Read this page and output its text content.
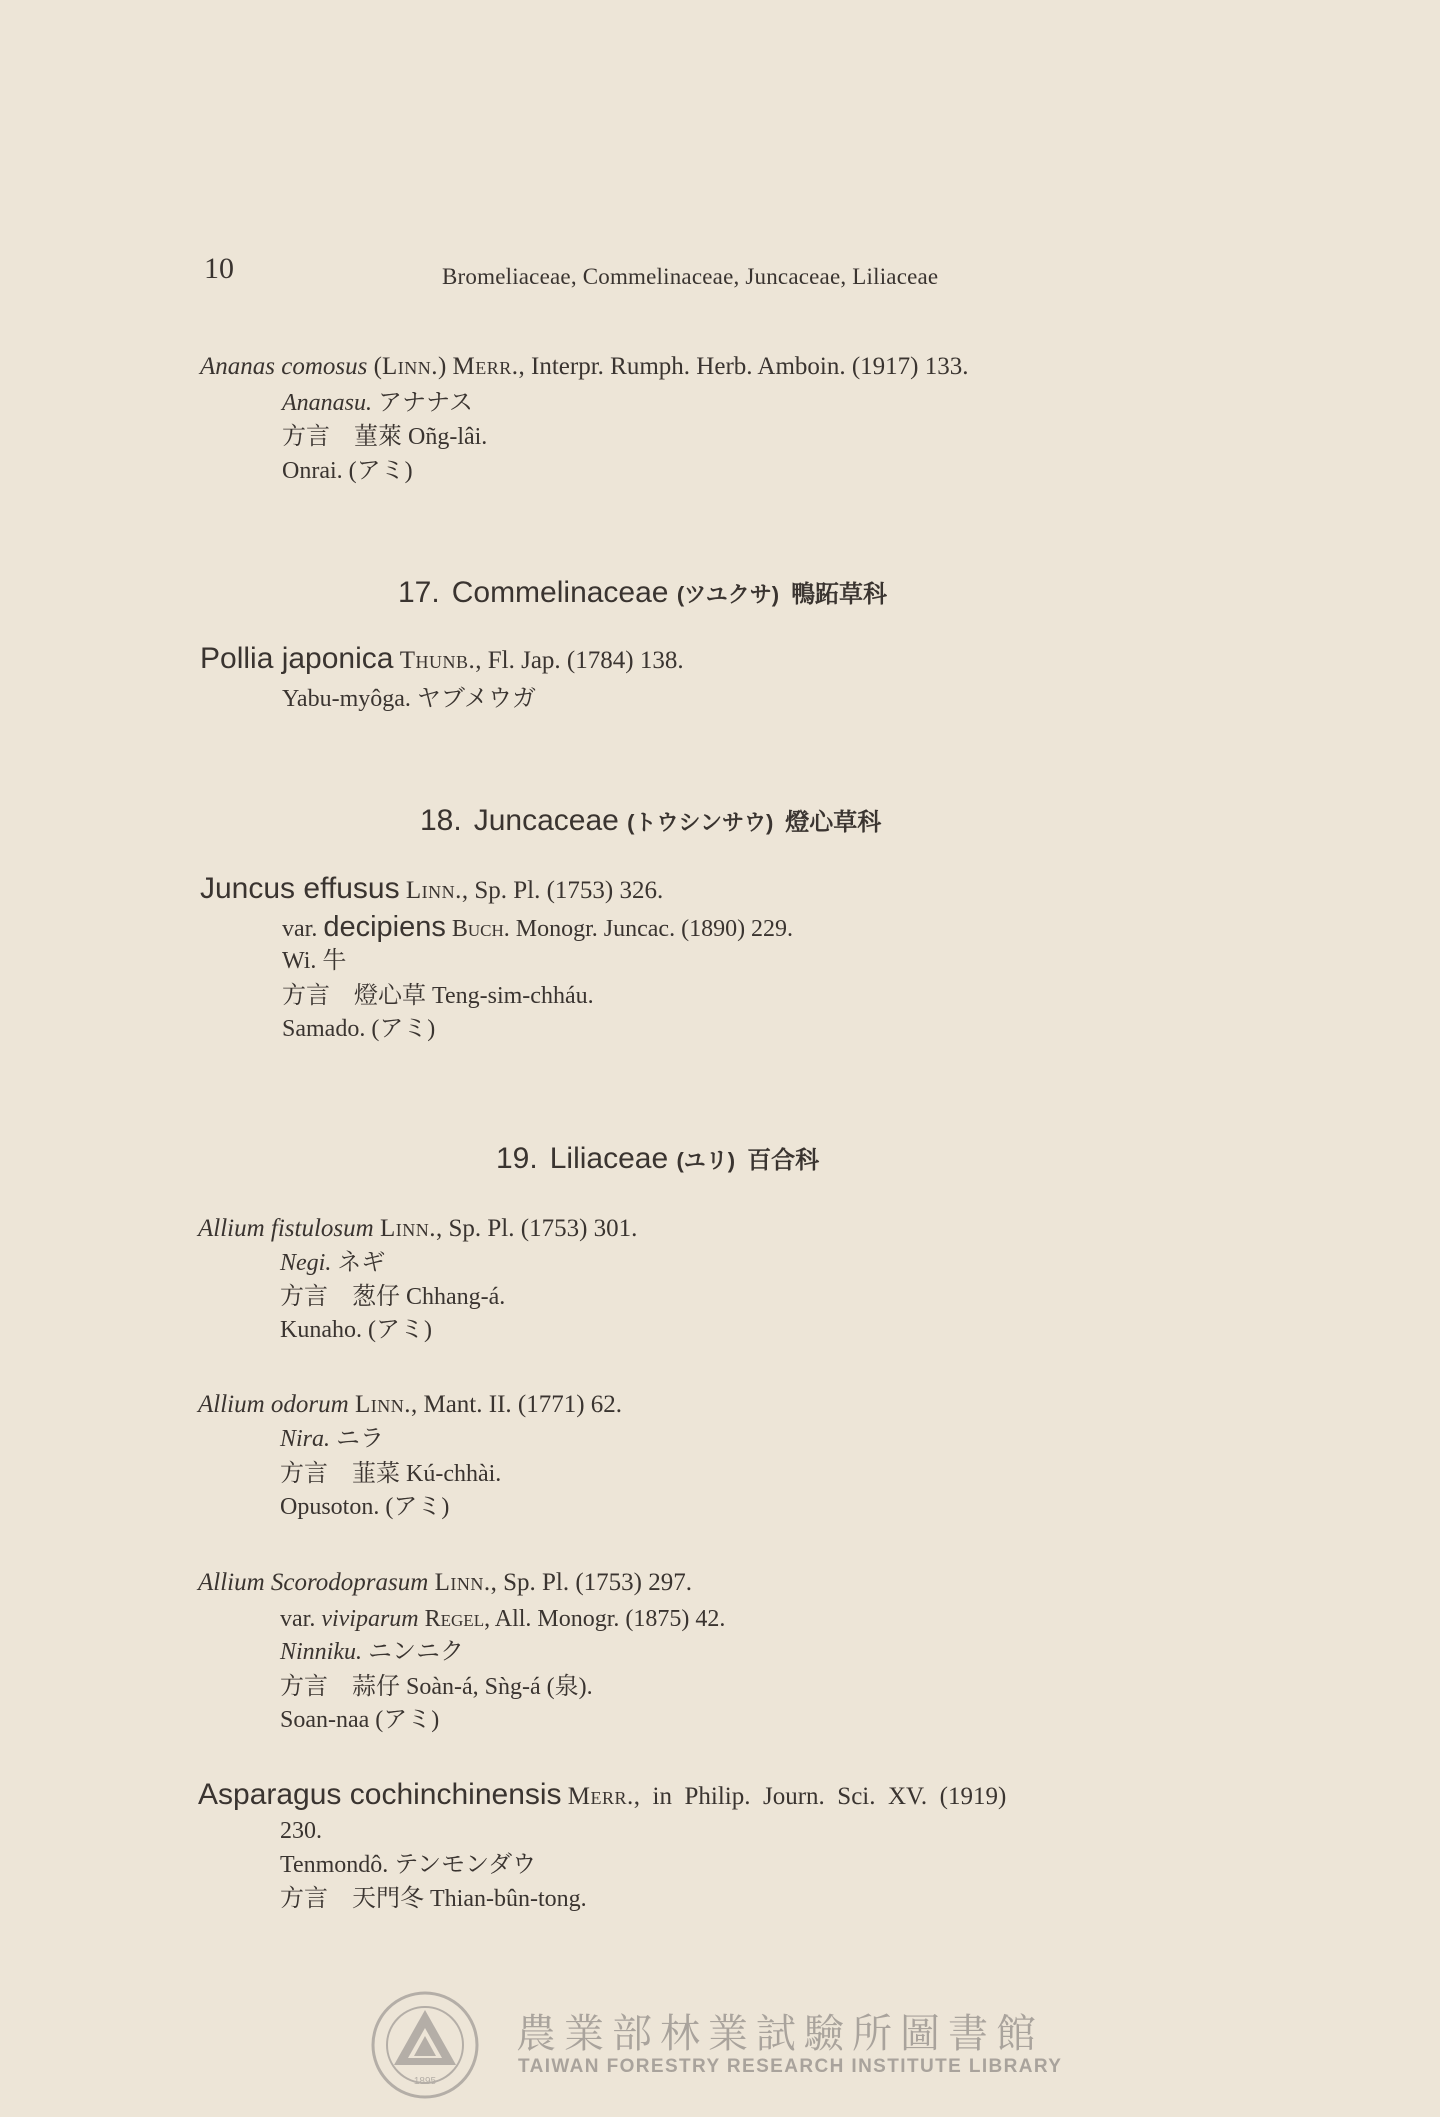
10	Bromeliaceae, Commelinaceae, Juncaceae, Liliaceae
Ananas comosus (Linn.) Merr., Interpr. Rumph. Herb. Amboin. (1917) 133.
Ananasu. アナナス
方言　菫萊 Oñg-lâi.
Onrai. (アミ)
17. Commelinaceae (ツユクサ) 鴨跖草科
Pollia japonica Thunb., Fl. Jap. (1784) 138.
Yabu-myôga. ヤブメウガ
18. Juncaceae (トウシンサウ) 燈心草科
Juncus effusus Linn., Sp. Pl. (1753) 326.
var. decipiens Buch. Monogr. Juncac. (1890) 229.
Wi. 牛
方言　燈心草 Teng-sim-chháu.
Samado. (アミ)
19. Liliaceae (ユリ) 百合科
Allium fistulosum Linn., Sp. Pl. (1753) 301.
Negi. ネギ
方言　葱仔 Chhang-á.
Kunaho. (アミ)
Allium odorum Linn., Mant. II. (1771) 62.
Nira. ニラ
方言　韮菜 Kú-chhài.
Opusoton. (アミ)
Allium Scorodoprasum Linn., Sp. Pl. (1753) 297.
var. viviparum Regel, All. Monogr. (1875) 42.
Ninniku. ニンニク
方言　蒜仔 Soàn-á, Sǹg-á (泉).
Soan-naa (アミ)
Asparagus cochinchinensis Merr.,  in  Philip.  Journ.  Sci.  XV.  (1919)
230.
Tenmondô. テンモンダウ
方言　天門冬 Thian-bûn-tong.
1895
農業部林業試驗所圖書館
TAIWAN FORESTRY RESEARCH INSTITUTE LIBRARY
